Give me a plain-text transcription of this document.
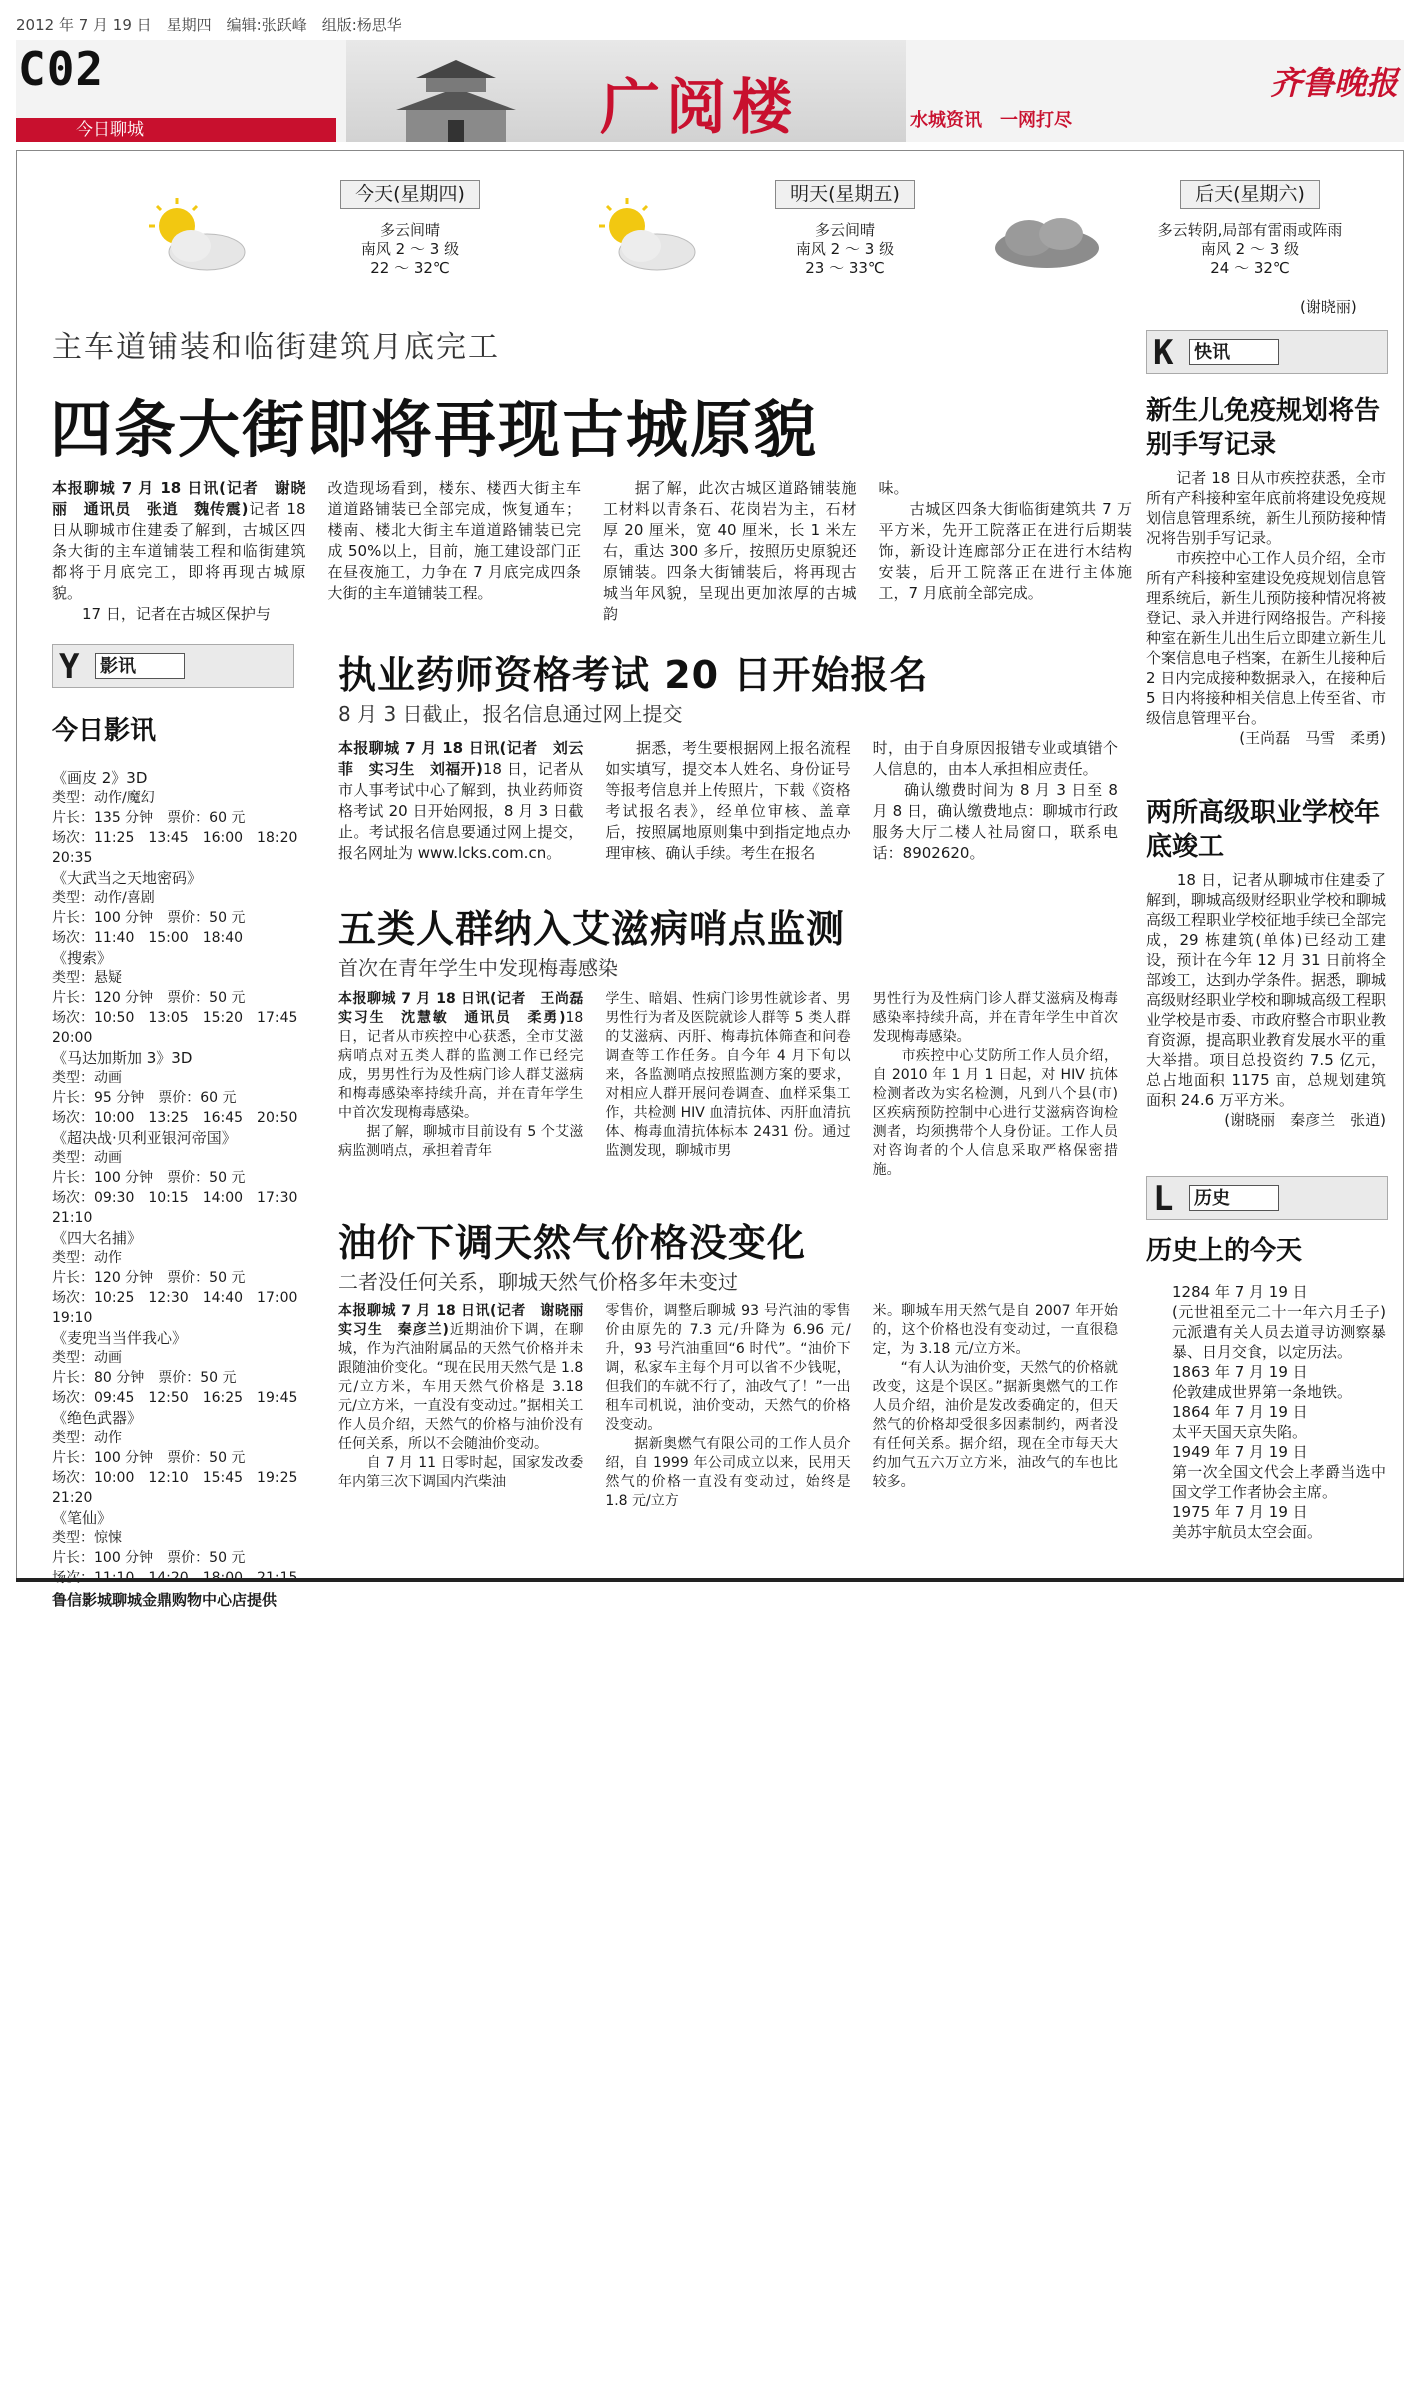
2012 年 7 月 19 日　星期四　编辑:张跃峰　组版:杨思华
C02
今日聊城	广阅楼	水城资讯　一网打尽
齐鲁晚报
今天(星期四)
多云间晴
南风 2 ～ 3 级
22 ～ 32℃
明天(星期五)
多云间晴
南风 2 ～ 3 级
23 ～ 33℃
后天(星期六)
多云转阴,局部有雷雨或阵雨
南风 2 ～ 3 级
24 ～ 32℃
(谢晓丽)
主车道铺装和临街建筑月底完工
四条大街即将再现古城原貌
本报聊城 7 月 18 日讯(记者　谢晓丽　通讯员　张逍　魏传震)记者 18 日从聊城市住建委了解到，古城区四条大街的主车道铺装工程和临街建筑都将于月底完工，即将再现古城原貌。
　　17 日，记者在古城区保护与
改造现场看到，楼东、楼西大街主车道道路铺装已全部完成，恢复通车；楼南、楼北大街主车道道路铺装已完成 50%以上，目前，施工建设部门正在昼夜施工，力争在 7 月底完成四条大街的主车道铺装工程。
　　据了解，此次古城区道路铺装施工材料以青条石、花岗岩为主，石材厚 20 厘米，宽 40 厘米，长 1 米左右，重达 300 多斤，按照历史原貌还原铺装。四条大街铺装后，将再现古城当年风貌，呈现出更加浓厚的古城韵
味。
　　古城区四条大街临街建筑共 7 万平方米，先开工院落正在进行后期装饰，新设计连廊部分正在进行木结构安装，后开工院落正在进行主体施工，7 月底前全部完成。
Y 影讯
今日影讯
《画皮 2》3D
类型：动作/魔幻
片长：135 分钟　票价：60 元
场次：11:25　13:45　16:00　18:20　20:35
《大武当之天地密码》
类型：动作/喜剧
片长：100 分钟　票价：50 元
场次：11:40　15:00　18:40
《搜索》
类型：悬疑
片长：120 分钟　票价：50 元
场次：10:50　13:05　15:20　17:45　20:00
《马达加斯加 3》3D
类型：动画
片长：95 分钟　票价：60 元
场次：10:00　13:25　16:45　20:50
《超决战·贝利亚银河帝国》
类型：动画
片长：100 分钟　票价：50 元
场次：09:30　10:15　14:00　17:30　21:10
《四大名捕》
类型：动作
片长：120 分钟　票价：50 元
场次：10:25　12:30　14:40　17:00　19:10
《麦兜当当伴我心》
类型：动画
片长：80 分钟　票价：50 元
场次：09:45　12:50　16:25　19:45
《绝色武器》
类型：动作
片长：100 分钟　票价：50 元
场次：10:00　12:10　15:45　19:25　21:20
《笔仙》
类型：惊悚
片长：100 分钟　票价：50 元
鲁信影城聊城金鼎购物中心店提供
执业药师资格考试 20 日开始报名
8 月 3 日截止，报名信息通过网上提交
本报聊城 7 月 18 日讯(记者　刘云菲　实习生　刘福开)18 日，记者从市人事考试中心了解到，执业药师资格考试 20 日开始网报，8 月 3 日截止。考试报名信息要通过网上提交，报名网址为 www.lcks.com.cn。
　　据悉，考生要根据网上报名流程如实填写，提交本人姓名、身份证号等报考信息并上传照片，下载《资格考试报名表》，经单位审核、盖章后，按照属地原则集中到指定地点办理审核、确认手续。考生在报名
时，由于自身原因报错专业或填错个人信息的，由本人承担相应责任。
　　确认缴费时间为 8 月 3 日至 8 月 8 日，确认缴费地点：聊城市行政服务大厅二楼人社局窗口，联系电话：8902620。
五类人群纳入艾滋病哨点监测
首次在青年学生中发现梅毒感染
本报聊城 7 月 18 日讯(记者　王尚磊　实习生　沈慧敏　通讯员　柔勇)18 日，记者从市疾控中心获悉，全市艾滋病哨点对五类人群的监测工作已经完成，男男性行为及性病门诊人群艾滋病和梅毒感染率持续升高，并在青年学生中首次发现梅毒感染。
　　据了解，聊城市目前设有 5 个艾滋病监测哨点，承担着青年
学生、暗娼、性病门诊男性就诊者、男男性行为者及医院就诊人群等 5 类人群的艾滋病、丙肝、梅毒抗体筛查和问卷调查等工作任务。自今年 4 月下旬以来，各监测哨点按照监测方案的要求，对相应人群开展问卷调查、血样采集工作，共检测 HIV 血清抗体、丙肝血清抗体、梅毒血清抗体标本 2431 份。通过监测发现，聊城市男
男性行为及性病门诊人群艾滋病及梅毒感染率持续升高，并在青年学生中首次发现梅毒感染。
　　市疾控中心艾防所工作人员介绍，自 2010 年 1 月 1 日起，对 HIV 抗体检测者改为实名检测，凡到八个县(市)区疾病预防控制中心进行艾滋病咨询检测者，均须携带个人身份证。工作人员对咨询者的个人信息采取严格保密措施。
油价下调天然气价格没变化
二者没任何关系，聊城天然气价格多年未变过
本报聊城 7 月 18 日讯(记者　谢晓丽　实习生　秦彦兰)近期油价下调，在聊城，作为汽油附属品的天然气价格并未跟随油价变化。“现在民用天然气是 1.8 元/立方米，车用天然气价格是 3.18 元/立方米，一直没有变动过。”据相关工作人员介绍，天然气的价格与油价没有任何关系，所以不会随油价变动。
　　自 7 月 11 日零时起，国家发改委年内第三次下调国内汽柴油
零售价，调整后聊城 93 号汽油的零售价由原先的 7.3 元/升降为 6.96 元/升，93 号汽油重回“6 时代”。“油价下调，私家车主每个月可以省不少钱呢，但我们的车就不行了，油改气了！”一出租车司机说，油价变动，天然气的价格没变动。
　　据新奥燃气有限公司的工作人员介绍，自 1999 年公司成立以来，民用天然气的价格一直没有变动过，始终是 1.8 元/立方
米。聊城车用天然气是自 2007 年开始的，这个价格也没有变动过，一直很稳定，为 3.18 元/立方米。
　　“有人认为油价变，天然气的价格就改变，这是个误区。”据新奥燃气的工作人员介绍，油价是发改委确定的，但天然气的价格却受很多因素制约，两者没有任何关系。据介绍，现在全市每天大约加气五六万立方米，油改气的车也比较多。
K 快讯
新生儿免疫规划将告别手写记录
　　记者 18 日从市疾控获悉，全市所有产科接种室年底前将建设免疫规划信息管理系统，新生儿预防接种情况将告别手写记录。
　　市疾控中心工作人员介绍，全市所有产科接种室建设免疫规划信息管理系统后，新生儿预防接种情况将被登记、录入并进行网络报告。产科接种室在新生儿出生后立即建立新生儿个案信息电子档案，在新生儿接种后 2 日内完成接种数据录入，在接种后 5 日内将接种相关信息上传至省、市级信息管理平台。
(王尚磊　马雪　柔勇)
两所高级职业学校年底竣工
　　18 日，记者从聊城市住建委了解到，聊城高级财经职业学校和聊城高级工程职业学校征地手续已全部完成，29 栋建筑(单体)已经动工建设，预计在今年 12 月 31 日前将全部竣工，达到办学条件。据悉，聊城高级财经职业学校和聊城高级工程职业学校是市委、市政府整合市职业教育资源，提高职业教育发展水平的重大举措。项目总投资约 7.5 亿元，总占地面积 1175 亩，总规划建筑面积 24.6 万平方米。
(谢晓丽　秦彦兰　张逍)
L 历史
历史上的今天
1284 年 7 月 19 日
(元世祖至元二十一年六月壬子)元派遣有关人员去道寻访测察暴暴、日月交食，以定历法。
1863 年 7 月 19 日
伦敦建成世界第一条地铁。
1864 年 7 月 19 日
太平天国天京失陷。
1949 年 7 月 19 日
第一次全国文代会上孝爵当选中国文学工作者协会主席。
1975 年 7 月 19 日
美苏宇航员太空会面。
